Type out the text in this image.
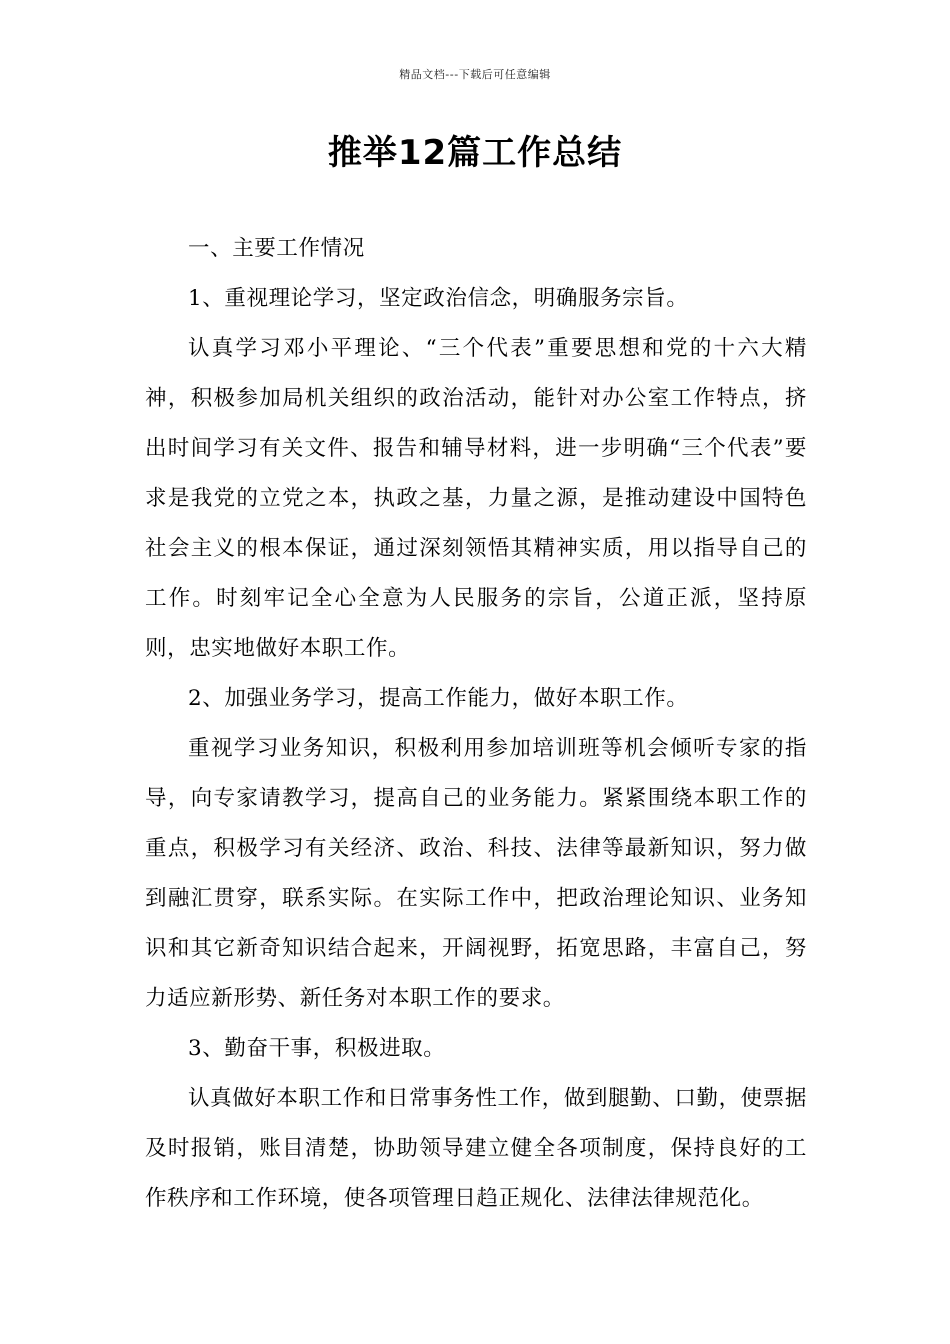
精品文档---下载后可任意编辑
推举12篇工作总结

一、主要工作情况

1、重视理论学习，坚定政治信念，明确服务宗旨。

认真学习邓小平理论、“三个代表”重要思想和党的十六大精神，积极参加局机关组织的政治活动，能针对办公室工作特点，挤出时间学习有关文件、报告和辅导材料，进一步明确“三个代表”要求是我党的立党之本，执政之基，力量之源，是推动建设中国特色社会主义的根本保证，通过深刻领悟其精神实质，用以指导自己的工作。时刻牢记全心全意为人民服务的宗旨，公道正派，坚持原则，忠实地做好本职工作。

2、加强业务学习，提高工作能力，做好本职工作。

重视学习业务知识，积极利用参加培训班等机会倾听专家的指导，向专家请教学习，提高自己的业务能力。紧紧围绕本职工作的重点，积极学习有关经济、政治、科技、法律等最新知识，努力做到融汇贯穿，联系实际。在实际工作中，把政治理论知识、业务知识和其它新奇知识结合起来，开阔视野，拓宽思路，丰富自己，努力适应新形势、新任务对本职工作的要求。

3、勤奋干事，积极进取。

认真做好本职工作和日常事务性工作，做到腿勤、口勤，使票据及时报销，账目清楚，协助领导建立健全各项制度，保持良好的工作秩序和工作环境，使各项管理日趋正规化、法律法律规范化。
